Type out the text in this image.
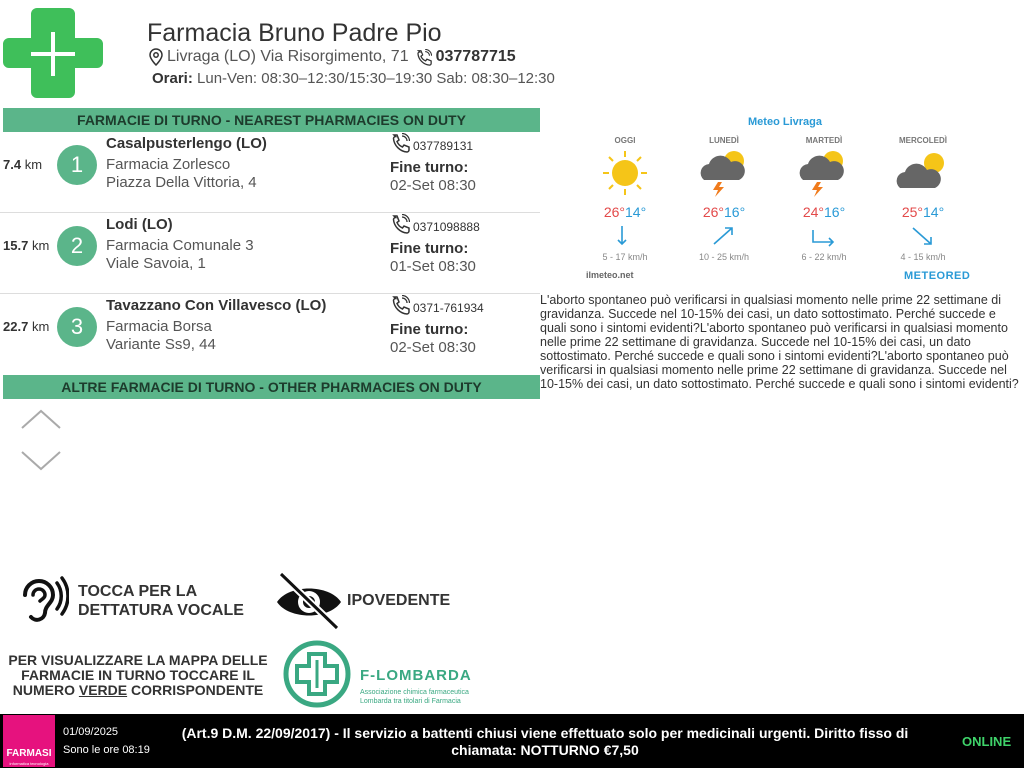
Farmacia Bruno Padre Pio
Livraga (LO) Via Risorgimento, 71 037787715
Orari: Lun-Ven: 08:30–12:30/15:30–19:30 Sab: 08:30–12:30
FARMACIE DI TURNO - NEAREST PHARMACIES ON DUTY
7.4 km	1
Casalpusterlengo (LO)
Farmacia Zorlesco
Piazza Della Vittoria, 4
037789131
Fine turno:
02-Set 08:30
15.7 km 2
Lodi (LO)
Farmacia Comunale 3
Viale Savoia, 1
0371098888
Fine turno:
01-Set 08:30
22.7 km 3
Tavazzano Con Villavesco (LO)
Farmacia Borsa
Variante Ss9, 44
0371-761934
Fine turno:
02-Set 08:30
ALTRE FARMACIE DI TURNO - OTHER PHARMACIES ON DUTY
Meteo Livraga
OGGI
26°14°
5 - 17 km/h
LUNEDÌ
26°16°
10 - 25 km/h
MARTEDÌ
24°16°
6 - 22 km/h
MERCOLEDÌ
25°14°
4 - 15 km/h
ilmeteo.net	METEORED
L'aborto spontaneo può verificarsi in qualsiasi momento nelle prime 22 settimane di gravidanza. Succede nel 10-15% dei casi, un dato sottostimato. Perché succede e quali sono i sintomi evidenti?L'aborto spontaneo può verificarsi in qualsiasi momento nelle prime 22 settimane di gravidanza. Succede nel 10-15% dei casi, un dato sottostimato. Perché succede e quali sono i sintomi evidenti?L'aborto spontaneo può verificarsi in qualsiasi momento nelle prime 22 settimane di gravidanza. Succede nel 10-15% dei casi, un dato sottostimato. Perché succede e quali sono i sintomi evidenti?
TOCCA PER LA
DETTATURA VOCALE
IPOVEDENTE
PER VISUALIZZARE LA MAPPA DELLE FARMACIE IN TURNO TOCCARE IL NUMERO VERDE CORRISPONDENTE
F-LOMBARDA
Associazione chimica farmaceutica
Lombarda tra titolari di Farmacia
FARMASI
informatica tecnologia
01/09/2025
Sono le ore 08:19
(Art.9 D.M. 22/09/2017) - Il servizio a battenti chiusi viene effettuato solo per medicinali urgenti. Diritto fisso di chiamata: NOTTURNO €7,50
ONLINE
